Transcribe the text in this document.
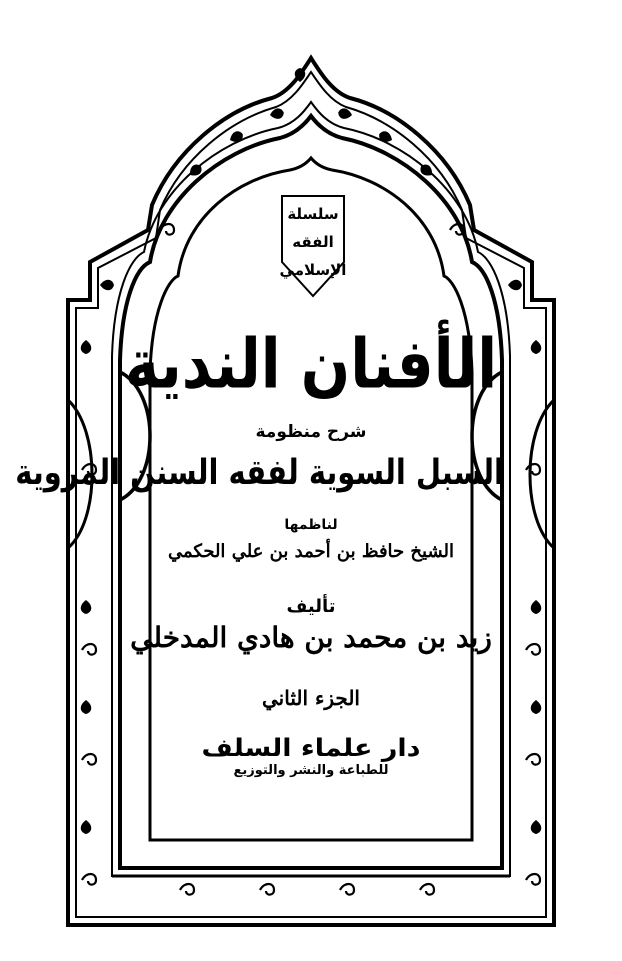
سلسلة
الفقه
الإسلامي
الأفنان الندية
شرح منظومة
السبل السوية لفقه السنن المروية
لناظمها
الشيخ حافظ بن أحمد بن علي الحكمي
تأليف
زيد بن محمد بن هادي المدخلي
الجزء الثاني
دار علماء السلف
للطباعة والنشر والتوزيع
